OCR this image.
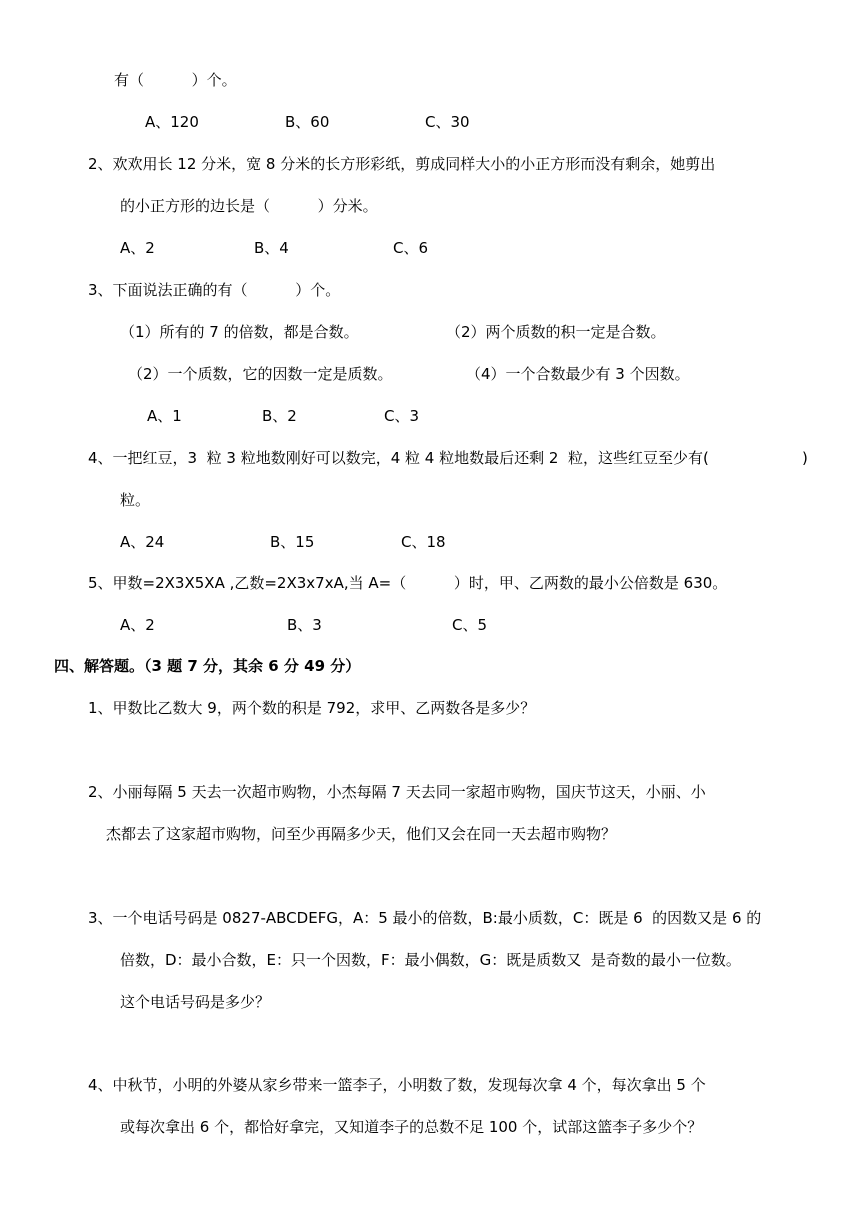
有（          ）个。
A、120	B、60	C、30
2、欢欢用长 12 分米，宽 8 分米的长方形彩纸，剪成同样大小的小正方形而没有剩余，她剪出
的小正方形的边长是（          ）分米。
A、2	B、4	C、6
3、下面说法正确的有（          ）个。
（1）所有的 7 的倍数，都是合数。	（2）两个质数的积一定是合数。
（2）一个质数，它的因数一定是质数。	（4）一个合数最少有 3 个因数。
A、1	B、2	C、3
4、一把红豆，3  粒 3 粒地数刚好可以数完，4 粒 4 粒地数最后还剩 2  粒，这些红豆至少有(	)
粒。
A、24	B、15	C、18
5、甲数=2X3X5XA ,乙数=2X3x7xA,当 A=（          ）时，甲、乙两数的最小公倍数是 630。
A、2	B、3	C、5
四、解答题。（3 题 7 分，其余 6 分 49 分）
1、甲数比乙数大 9，两个数的积是 792，求甲、乙两数各是多少？
2、小丽每隔 5 天去一次超市购物，小杰每隔 7 天去同一家超市购物，国庆节这天，小丽、小
杰都去了这家超市购物，问至少再隔多少天，他们又会在同一天去超市购物？
3、一个电话号码是 0827-ABCDEFG，A：5 最小的倍数，B:最小质数，C：既是 6  的因数又是 6 的
倍数，D：最小合数，E：只一个因数，F：最小偶数，G：既是质数又  是奇数的最小一位数。
这个电话号码是多少？
4、中秋节，小明的外婆从家乡带来一篮李子，小明数了数，发现每次拿 4 个，每次拿出 5 个
或每次拿出 6 个，都恰好拿完，又知道李子的总数不足 100 个，试部这篮李子多少个？
